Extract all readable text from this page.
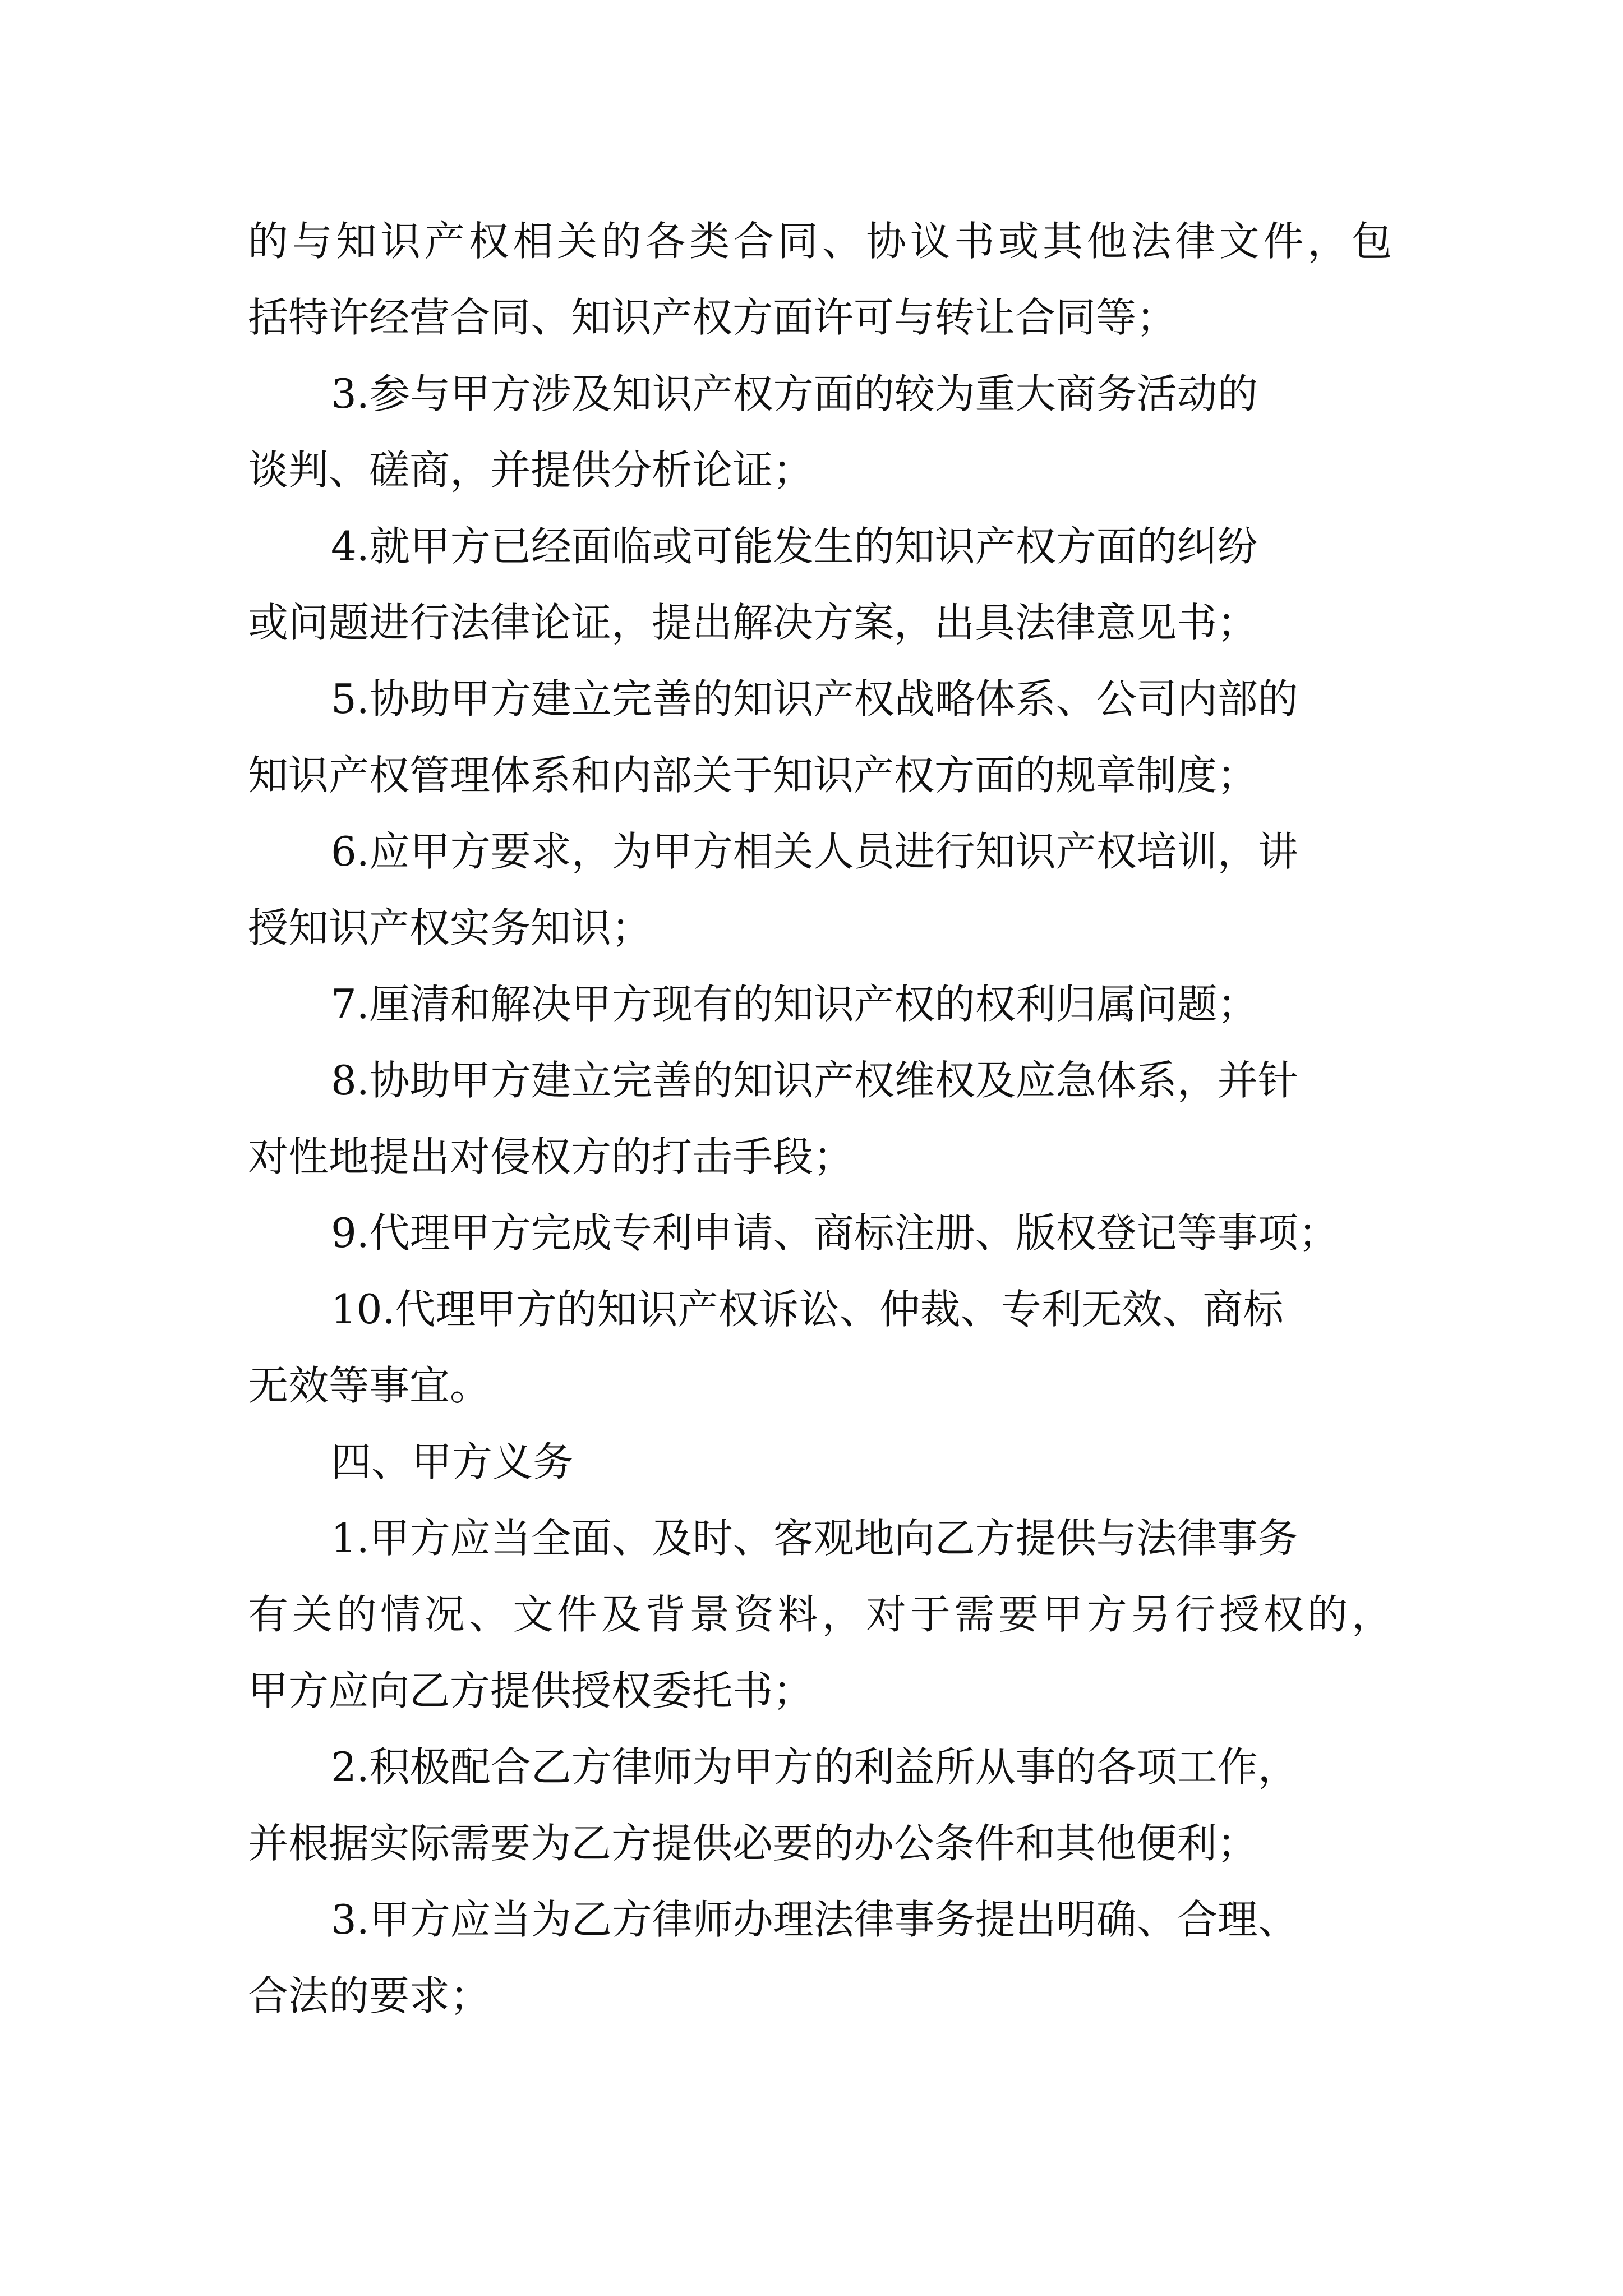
的与知识产权相关的各类合同、协议书或其他法律文件，包
括特许经营合同、知识产权方面许可与转让合同等；
3.参与甲方涉及知识产权方面的较为重大商务活动的
谈判、磋商，并提供分析论证；
4.就甲方已经面临或可能发生的知识产权方面的纠纷
或问题进行法律论证，提出解决方案，出具法律意见书；
5.协助甲方建立完善的知识产权战略体系、公司内部的
知识产权管理体系和内部关于知识产权方面的规章制度；
6.应甲方要求，为甲方相关人员进行知识产权培训，讲
授知识产权实务知识；
7.厘清和解决甲方现有的知识产权的权利归属问题；
8.协助甲方建立完善的知识产权维权及应急体系，并针
对性地提出对侵权方的打击手段；
9.代理甲方完成专利申请、商标注册、版权登记等事项；
10.代理甲方的知识产权诉讼、仲裁、专利无效、商标
无效等事宜。
四、甲方义务
1.甲方应当全面、及时、客观地向乙方提供与法律事务
有关的情况、文件及背景资料，对于需要甲方另行授权的，
甲方应向乙方提供授权委托书；
2.积极配合乙方律师为甲方的利益所从事的各项工作，
并根据实际需要为乙方提供必要的办公条件和其他便利；
3.甲方应当为乙方律师办理法律事务提出明确、合理、
合法的要求；
